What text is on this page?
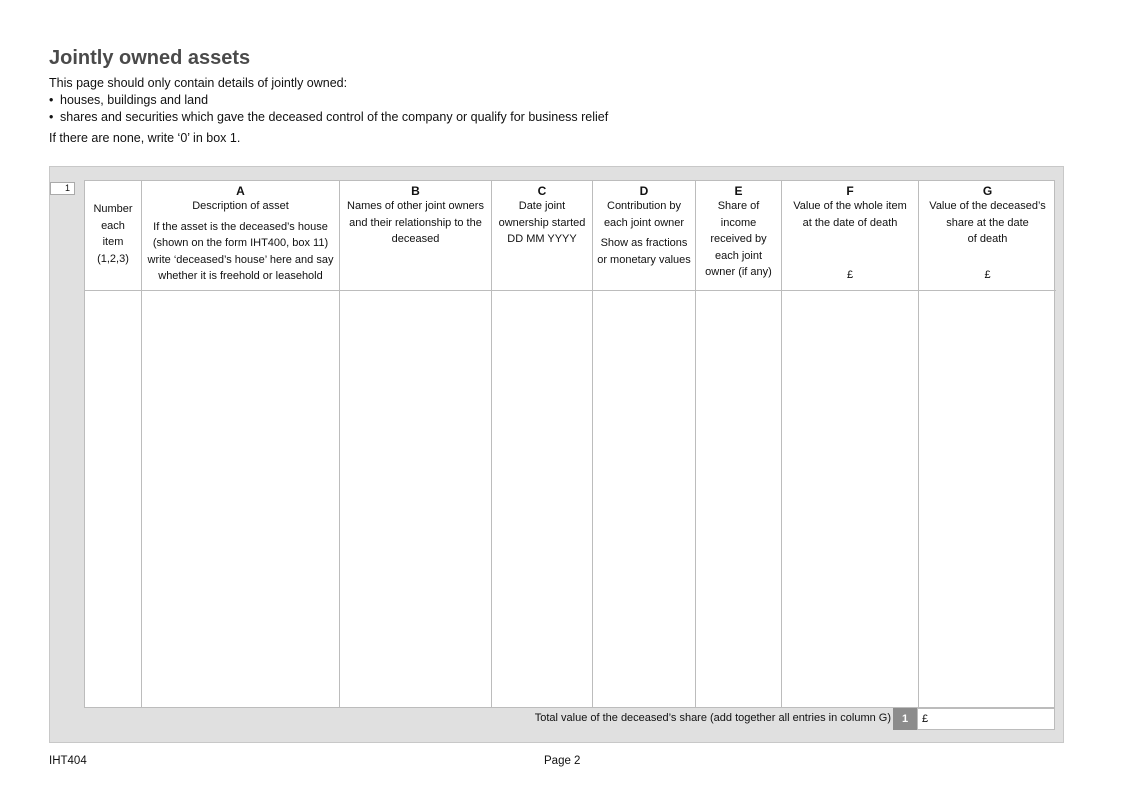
Jointly owned assets
This page should only contain details of jointly owned:
• houses, buildings and land
• shares and securities which gave the deceased control of the company or qualify for business relief
If there are none, write ‘0’ in box 1.
1
Number
each
item
(1,2,3)
A
Description of asset
If the asset is the deceased’s house
(shown on the form IHT400, box 11)
write ‘deceased’s house’ here and say
whether it is freehold or leasehold
B
Names of other joint owners
and their relationship to the
deceased
C
Date joint
ownership started
DD MM YYYY
D
Contribution by
each joint owner
Show as fractions
or monetary values
E
Share of
income
received by
each joint
owner (if any)
F
Value of the whole item
at the date of death
£
G
Value of the deceased’s
share at the date
of death
£
Total value of the deceased’s share (add together all entries in column G) 1	£
IHT404	Page 2
